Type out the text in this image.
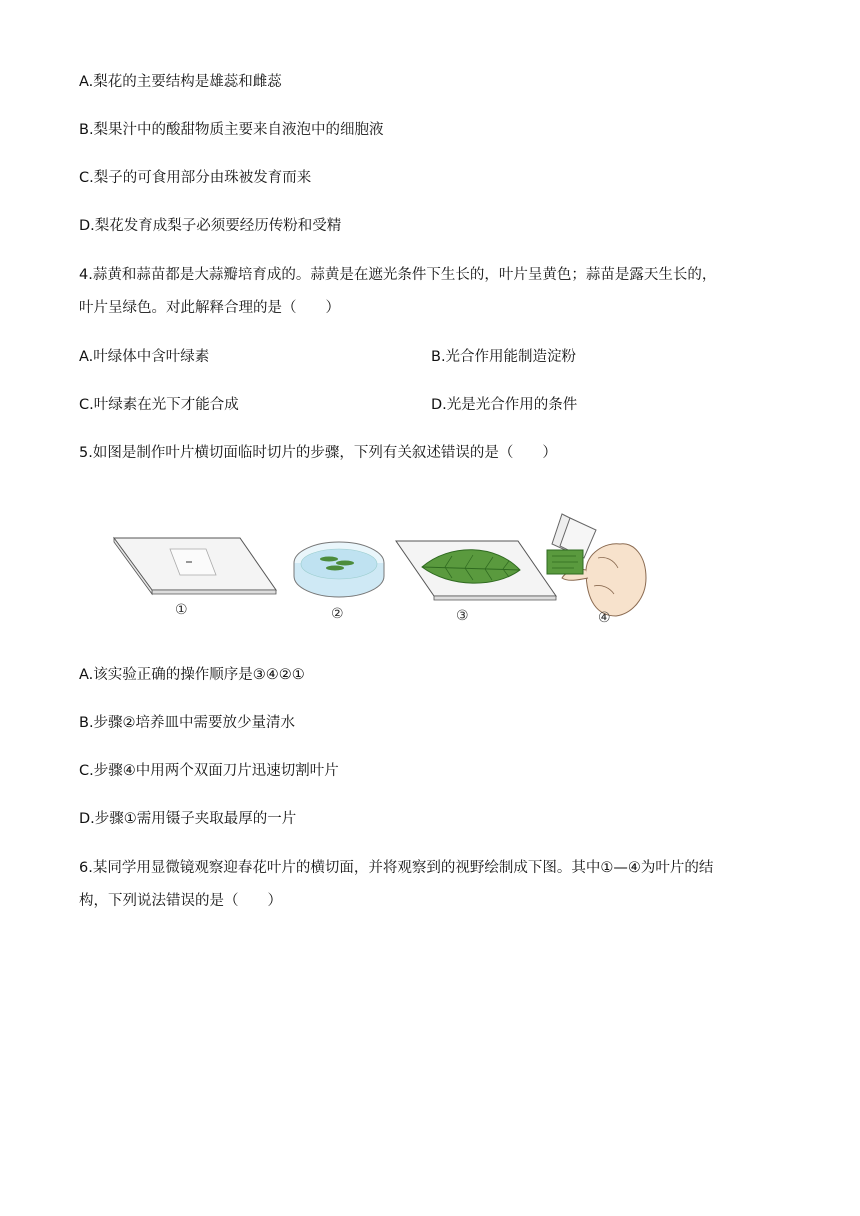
A.梨花的主要结构是雄蕊和雌蕊
B.梨果汁中的酸甜物质主要来自液泡中的细胞液
C.梨子的可食用部分由珠被发育而来
D.梨花发育成梨子必须要经历传粉和受精
4.蒜黄和蒜苗都是大蒜瓣培育成的。蒜黄是在遮光条件下生长的，叶片呈黄色；蒜苗是露天生长的，
叶片呈绿色。对此解释合理的是（　　）
A.叶绿体中含叶绿素	B.光合作用能制造淀粉
C.叶绿素在光下才能合成	D.光是光合作用的条件
5.如图是制作叶片横切面临时切片的步骤，下列有关叙述错误的是（　　）
①	②	③	④
A.该实验正确的操作顺序是③④②①
B.步骤②培养皿中需要放少量清水
C.步骤④中用两个双面刀片迅速切割叶片
D.步骤①需用镊子夹取最厚的一片
6.某同学用显微镜观察迎春花叶片的横切面，并将观察到的视野绘制成下图。其中①—④为叶片的结
构，下列说法错误的是（　　）
